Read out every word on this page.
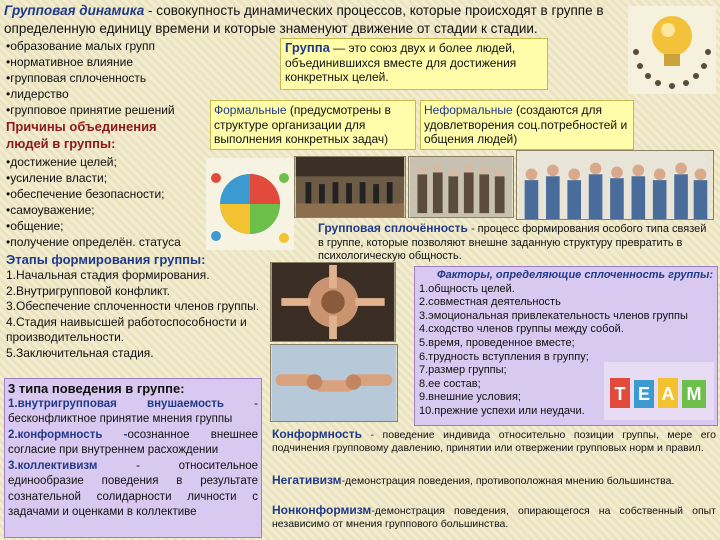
Групповая динамика - совокупность динамических процессов, которые происходят в группе в
определенную единицу времени и которые знаменуют движение от стадии к стадии.
•образование малых групп
•нормативное влияние
•групповая сплоченность
•лидерство
•групповое принятие решений
Группа — это союз двух и более людей, объединившихся вместе для достижения конкретных целей.
Формальные (предусмотрены в структуре организации для выполнения конкретных задач)
Неформальные (создаются для удовлетворения соц.потребностей и общения людей)
Причины объединения
людей в группы:
•достижение целей;
•усиление власти;
•обеспечение безопасности;
•самоуважение;
•общение;
•получение определён. статуса
Групповая сплочённость - процесс формирования особого типа связей в группе, которые позволяют внешне заданную структуру превратить в психологическую общность.
Этапы формирования группы:
1.Начальная стадия формирования.
2.Внутригрупповой конфликт.
3.Обеспечение сплоченности членов группы.
4.Стадия наивысшей работоспособности и производительности.
5.Заключительная стадия.
Факторы, определяющие сплоченность группы:
1.общность целей.
2.совместная деятельность
3.эмоциональная привлекательность членов группы
4.сходство членов группы между собой.
5.время, проведенное вместе;
6.трудность вступления в группу;
7.размер группы;
8.ее состав;
9.внешние условия;
10.прежние успехи или неудачи.
T E A M
3 типа поведения в группе:
1.внутригрупповая внушаемость - бесконфликтное принятие мнения группы
2.конформность -осознанное внешнее согласие при внутреннем расхождении
3.коллективизм - относительное единообразие поведения в результате сознательной солидарности личности с задачами и оценками в коллективе
Конформность - поведение индивида относительно позиции группы, мере его подчинения групповому давлению, принятии или отвержении групповых норм и правил.
Негативизм-демонстрация поведения, противоположная мнению большинства.
Нонконформизм-демонстрация поведения, опирающегося на собственный опыт независимо от мнения группового большинства.
